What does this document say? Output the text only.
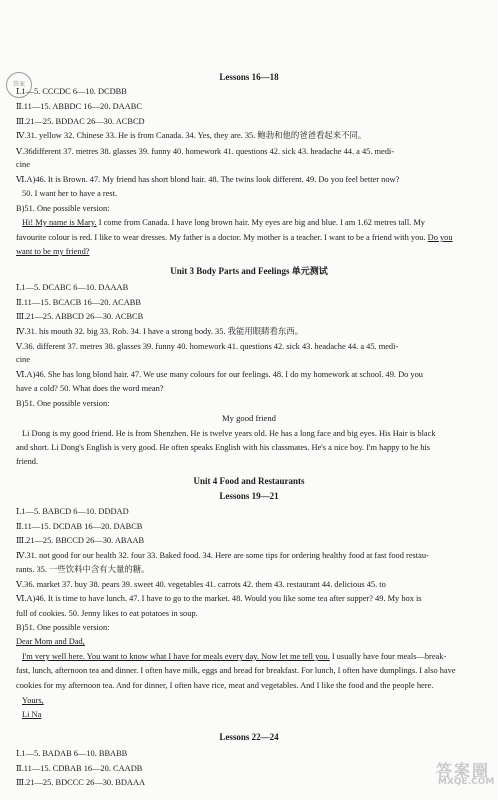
答案
Lessons 16—18
Ⅰ.1—5. CCCDC 6—10. DCDBB
Ⅱ.11—15. ABBDC 16—20. DAABC
Ⅲ.21—25. BDDAC 26—30. ACBCD
Ⅳ.31. yellow 32. Chinese 33. He is from Canada. 34. Yes, they are. 35. 鲍勃和他的爸爸看起来不同。
Ⅴ.36different 37. metres 38. glasses 39. funny 40. homework 41. questions 42. sick 43. headache 44. a 45. medi-
cine
Ⅵ.A)46. It is Brown. 47. My friend has short blond hair. 48. The twins look different. 49. Do you feel better now?
50. I want her to have a rest.
B)51. One possible version:
Hi! My name is Mary. I come from Canada. I have long brown hair. My eyes are big and blue. I am 1.62 metres tall. My
favourite colour is red. I like to wear dresses. My father is a doctor. My mother is a teacher. I want to be a friend with you. Do you
want to be my friend?
Unit 3 Body Parts and Feelings 单元测试
Ⅰ.1—5. DCABC 6—10. DAAAB
Ⅱ.11—15. BCACB 16—20. ACABB
Ⅲ.21—25. ABBCD 26—30. ACBCB
Ⅳ.31. his mouth 32. big 33. Rob. 34. I have a strong body. 35. 我能用眼睛看东西。
Ⅴ.36. different 37. metres 38. glasses 39. funny 40. homework 41. questions 42. sick 43. headache 44. a 45. medi-
cine
Ⅵ.A)46. She has long blond hair. 47. We use many colours for our feelings. 48. I do my homework at school. 49. Do you
have a cold? 50. What does the word mean?
B)51. One possible version:
My good friend
Li Dong is my good friend. He is from Shenzhen. He is twelve years old. He has a long face and big eyes. His Hair is black
and short. Li Dong's English is very good. He often speaks English with his classmates. He's a nice boy. I'm happy to be his
friend.
Unit 4 Food and Restaurants
Lessons 19—21
Ⅰ.1—5. BABCD 6—10. DDDAD
Ⅱ.11—15. DCDAB 16—20. DABCB
Ⅲ.21—25. BBCCD 26—30. ABAAB
Ⅳ.31. not good for our health 32. four 33. Baked food. 34. Here are some tips for ordering healthy food at fast food restau-
rants. 35. 一些饮料中含有大量的糖。
Ⅴ.36. market 37. buy 38. pears 39. sweet 40. vegetables 41. carrots 42. them 43. restaurant 44. delicious 45. to
Ⅵ.A)46. It is time to have lunch. 47. I have to go to the market. 48. Would you like some tea after supper? 49. My box is
full of cookies. 50. Jenny likes to eat potatoes in soup.
B)51. One possible version:
Dear Mom and Dad,
I'm very well here. You want to know what I have for meals every day. Now let me tell you. I usually have four meals—break-
fast, lunch, afternoon tea and dinner. I often have milk, eggs and bread for breakfast. For lunch, I often have dumplings. I also have
cookies for my afternoon tea. And for dinner, I often have rice, meat and vegetables. And I like the food and the people here.
Yours,
Li Na
Lessons 22—24
Ⅰ.1—5. BADAB 6—10. BBABB
Ⅱ.11—15. CDBAB 16—20. CAADB
Ⅲ.21—25. BDCCC 26—30. BDAAA
答案圈
MXQE.COM
